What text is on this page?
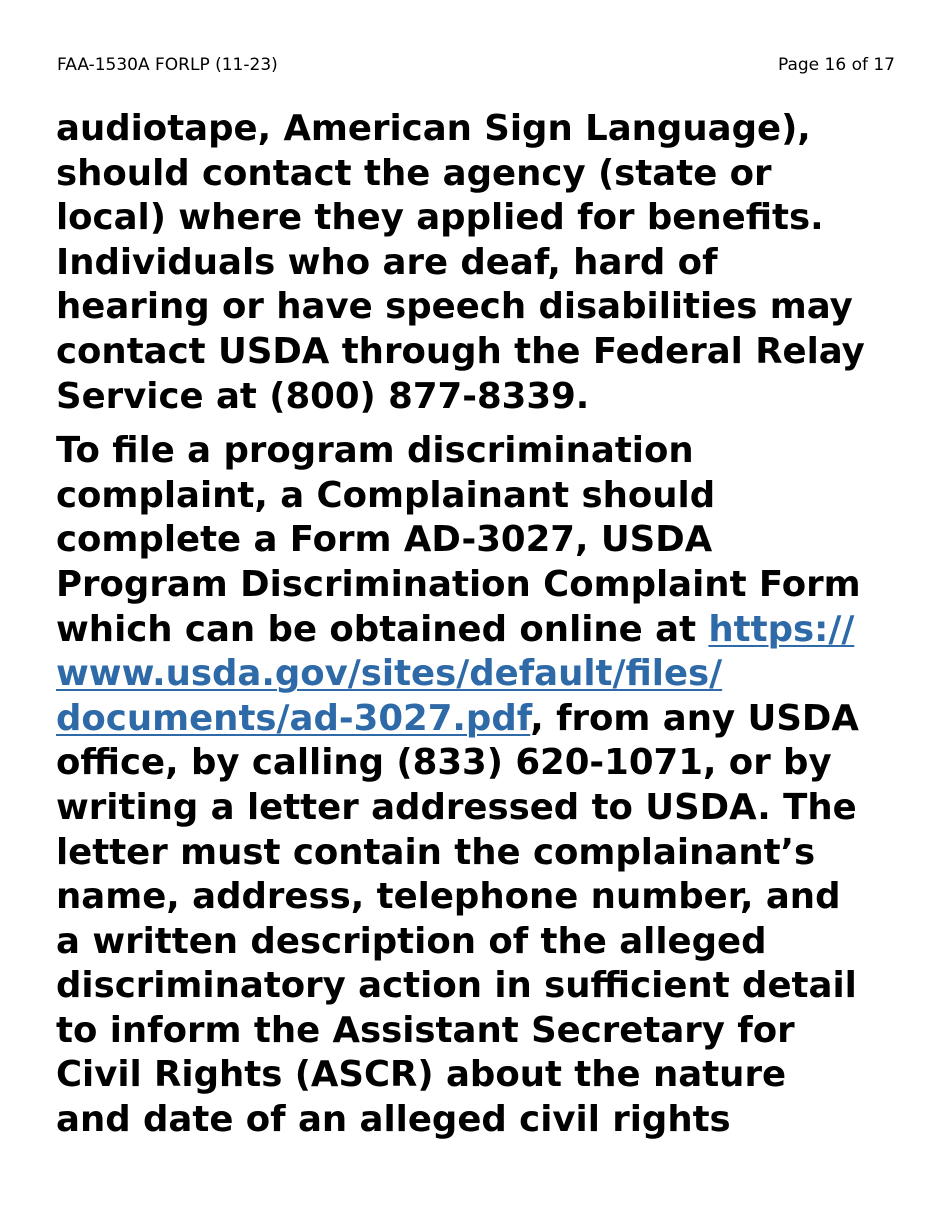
FAA-1530A FORLP (11-23)	Page 16 of 17

audiotape, American Sign Language),
should contact the agency (state or
local) where they applied for benefits.
Individuals who are deaf, hard of
hearing or have speech disabilities may
contact USDA through the Federal Relay
Service at (800) 877-8339.

To file a program discrimination
complaint, a Complainant should
complete a Form AD-3027, USDA
Program Discrimination Complaint Form
which can be obtained online at https://
www.usda.gov/sites/default/files/
documents/ad-3027.pdf, from any USDA
office, by calling (833) 620-1071, or by
writing a letter addressed to USDA. The
letter must contain the complainant’s
name, address, telephone number, and
a written description of the alleged
discriminatory action in sufficient detail
to inform the Assistant Secretary for
Civil Rights (ASCR) about the nature
and date of an alleged civil rights
